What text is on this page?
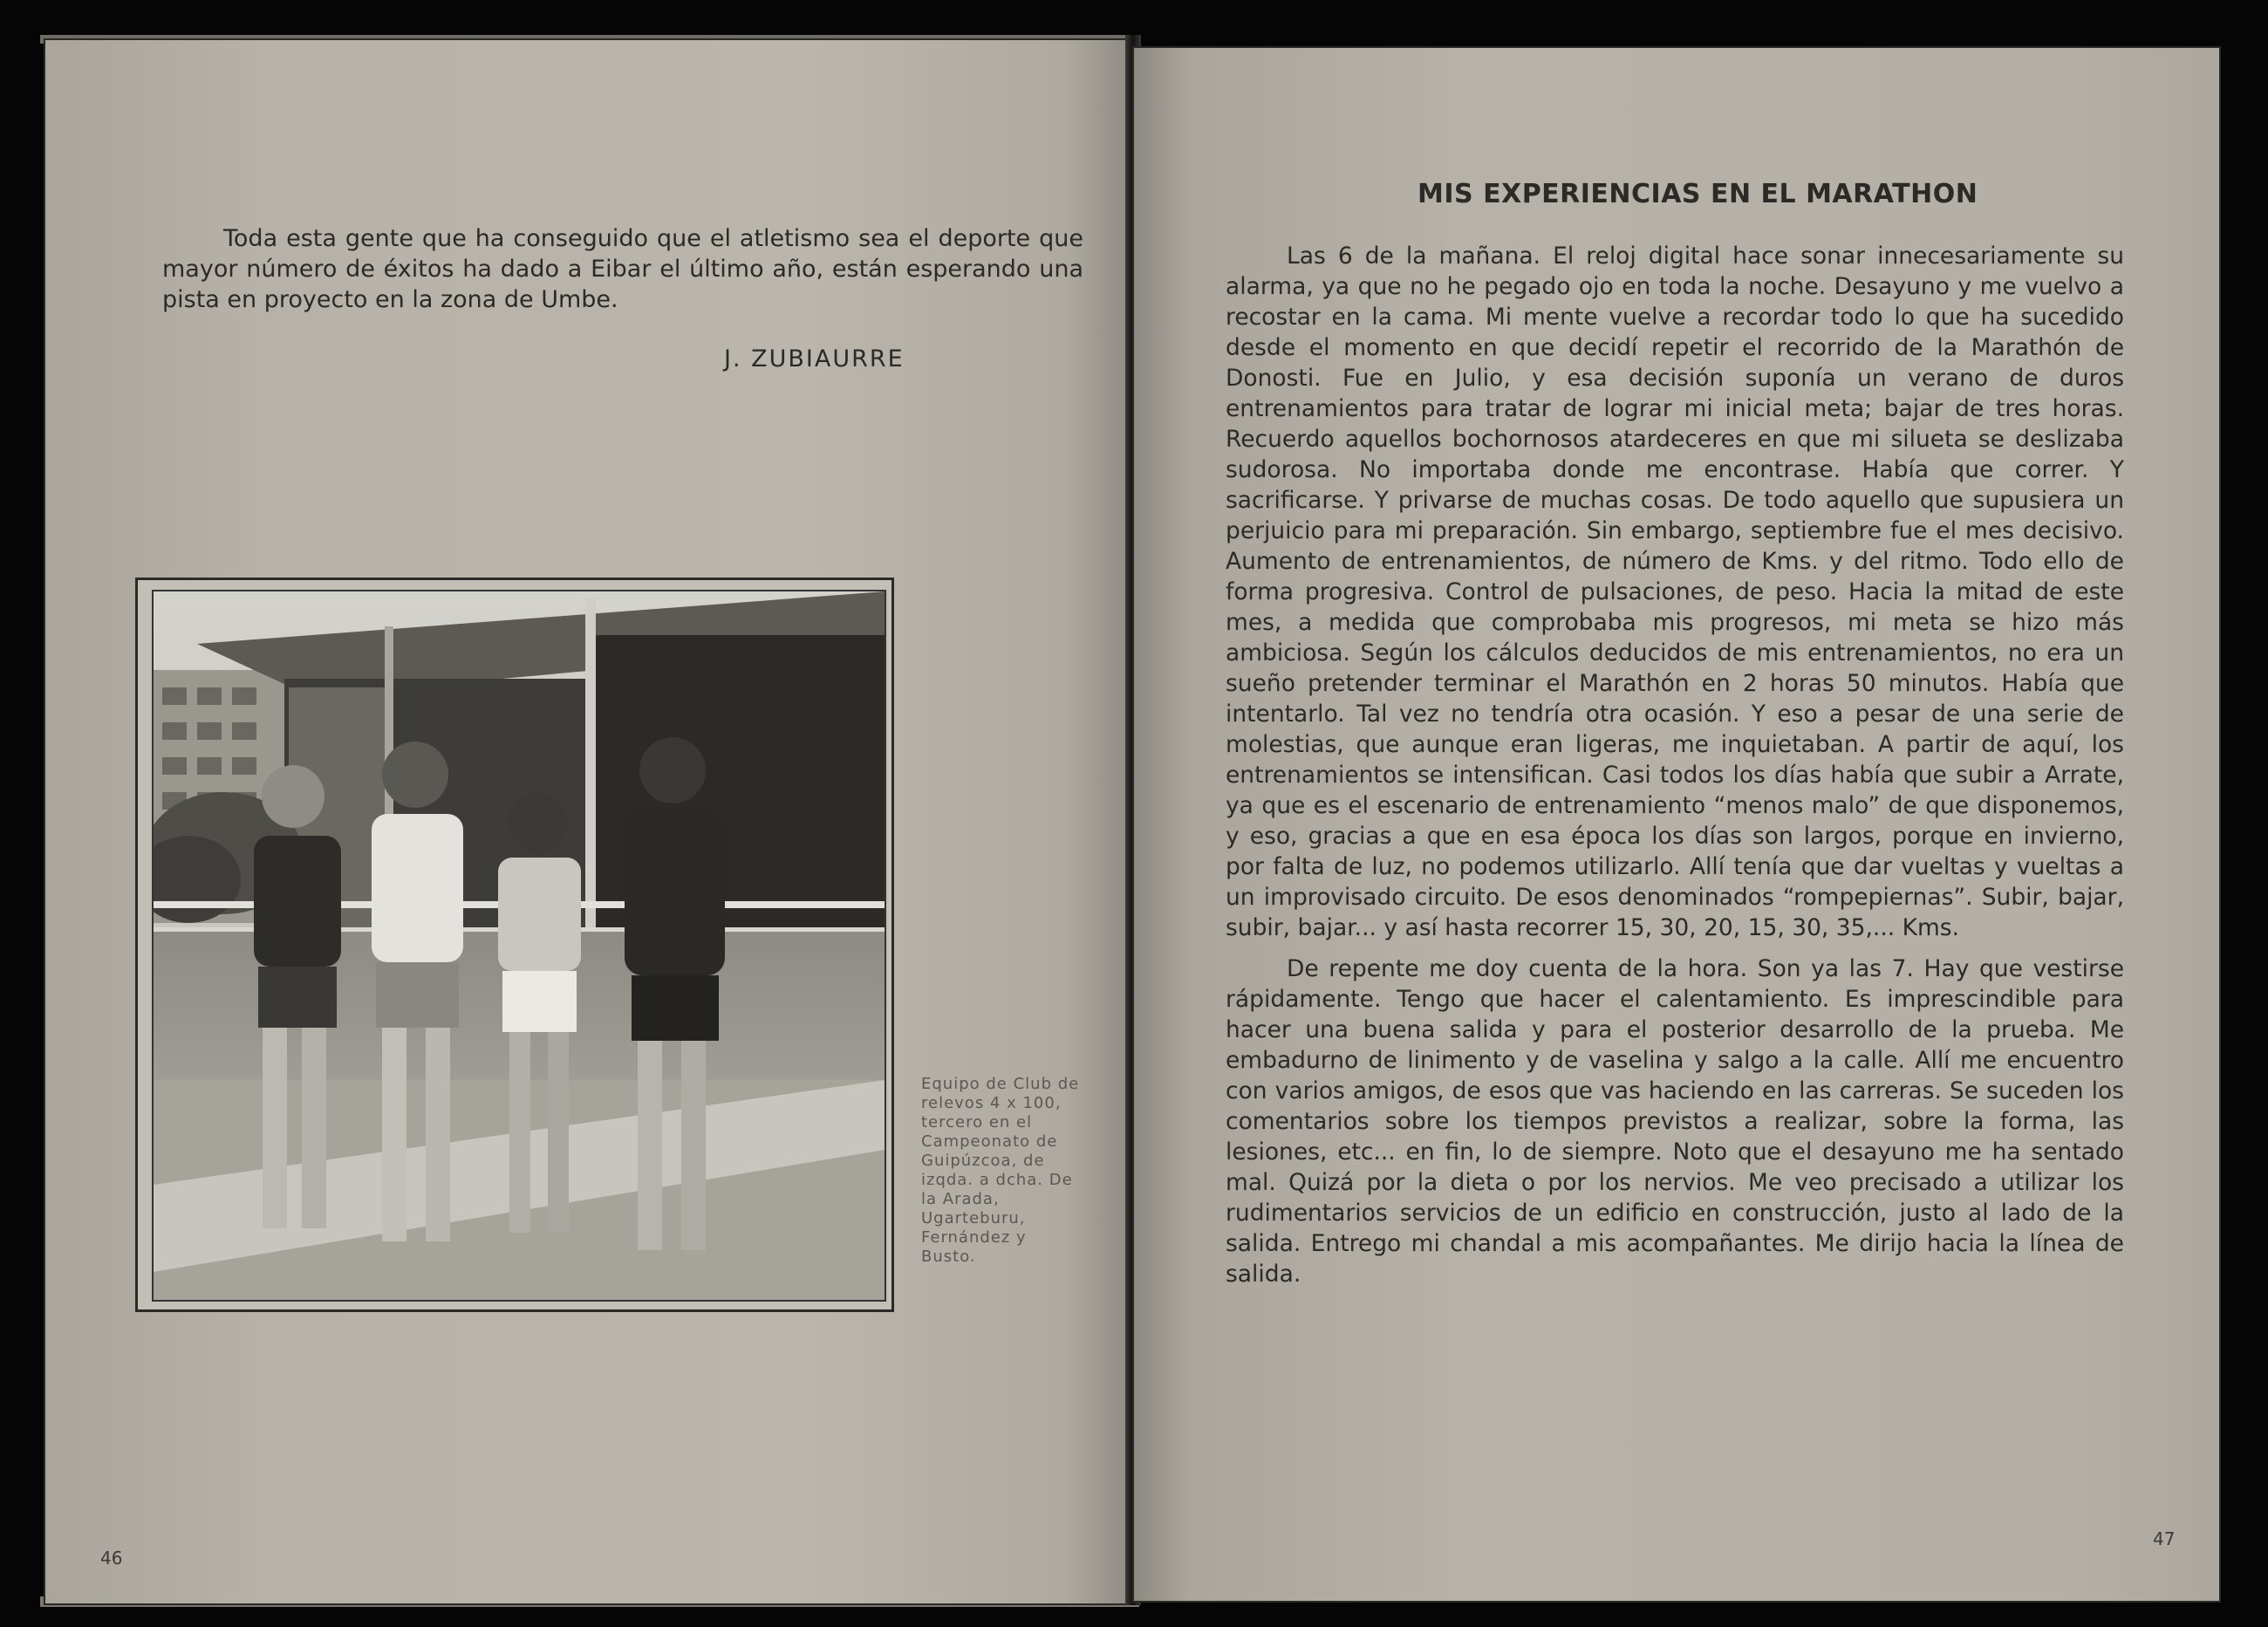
Toda esta gente que ha conseguido que el atletismo sea el deporte que mayor número de éxitos ha dado a Eibar el último año, están esperando una pista en proyecto en la zona de Umbe.

J. ZUBIAURRE

Equipo de Club de
relevos 4 x 100,
tercero en el
Campeonato de
Guipúzcoa, de
izqda. a dcha. De
la Arada,
Ugarteburu,
Fernández y
Busto.

46
MIS EXPERIENCIAS EN EL MARATHON

Las 6 de la mañana. El reloj digital hace sonar innecesariamente su alarma, ya que no he pegado ojo en toda la noche. Desayuno y me vuelvo a recostar en la cama. Mi mente vuelve a recordar todo lo que ha sucedido desde el momento en que decidí repetir el recorrido de la Marathón de Donosti. Fue en Julio, y esa decisión suponía un verano de duros entrenamientos para tratar de lograr mi inicial meta; bajar de tres horas. Recuerdo aquellos bochornosos atardeceres en que mi silueta se deslizaba sudorosa. No importaba donde me encontrase. Había que correr. Y sacrificarse. Y privarse de muchas cosas. De todo aquello que supusiera un perjuicio para mi preparación. Sin embargo, septiembre fue el mes decisivo. Aumento de entrenamientos, de número de Kms. y del ritmo. Todo ello de forma progresiva. Control de pulsaciones, de peso. Hacia la mitad de este mes, a medida que comprobaba mis progresos, mi meta se hizo más ambiciosa. Según los cálculos deducidos de mis entrenamientos, no era un sueño pretender terminar el Marathón en 2 horas 50 minutos. Había que intentarlo. Tal vez no tendría otra ocasión. Y eso a pesar de una serie de molestias, que aunque eran ligeras, me inquietaban. A partir de aquí, los entrenamientos se intensifican. Casi todos los días había que subir a Arrate, ya que es el escenario de entrenamiento “menos malo” de que disponemos, y eso, gracias a que en esa época los días son largos, porque en invierno, por falta de luz, no podemos utilizarlo. Allí tenía que dar vueltas y vueltas a un improvisado circuito. De esos denominados “rompepiernas”. Subir, bajar, subir, bajar... y así hasta recorrer 15, 30, 20, 15, 30, 35,... Kms.

De repente me doy cuenta de la hora. Son ya las 7. Hay que vestirse rápidamente. Tengo que hacer el calentamiento. Es imprescindible para hacer una buena salida y para el posterior desarrollo de la prueba. Me embadurno de linimento y de vaselina y salgo a la calle. Allí me encuentro con varios amigos, de esos que vas haciendo en las carreras. Se suceden los comentarios sobre los tiempos previstos a realizar, sobre la forma, las lesiones, etc... en fin, lo de siempre. Noto que el desayuno me ha sentado mal. Quizá por la dieta o por los nervios. Me veo precisado a utilizar los rudimentarios servicios de un edificio en construcción, justo al lado de la salida. Entrego mi chandal a mis acompañantes. Me dirijo hacia la línea de salida.

47
